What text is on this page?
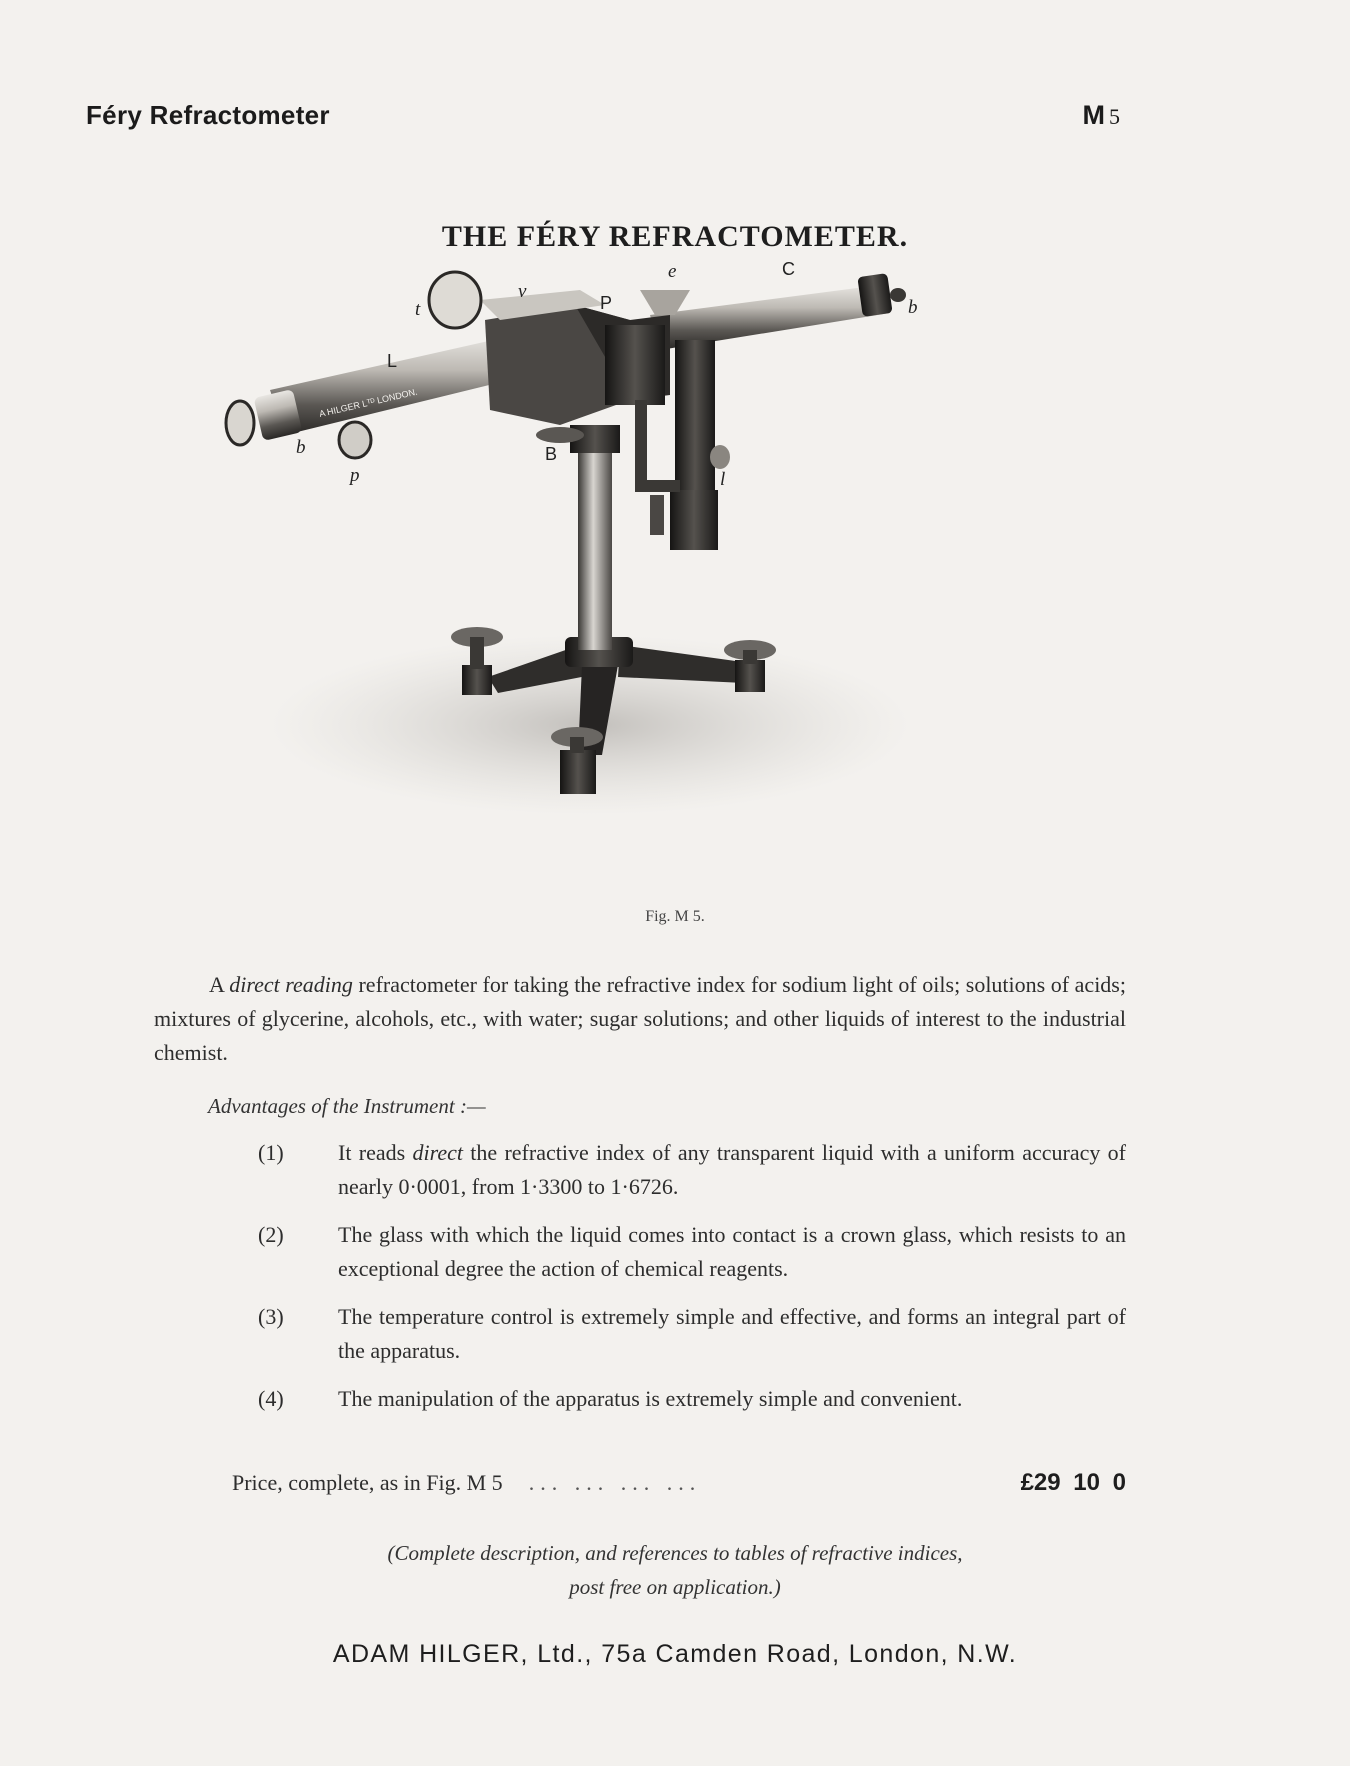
Féry Refractometer	M 5
THE FÉRY REFRACTOMETER.
A HILGER Lᵀᴰ LONDON.
C
e
P
v
t
L
b
b
p
B
l
Fig. M 5.

A direct reading refractometer for taking the refractive index for sodium light of oils; solutions of acids; mixtures of glycerine, alcohols, etc., with water; sugar solutions; and other liquids of interest to the industrial chemist.

Advantages of the Instrument :—
(1)	It reads direct the refractive index of any transparent liquid with a uniform accuracy of nearly 0·0001, from 1·3300 to 1·6726.
(2)	The glass with which the liquid comes into contact is a crown glass, which resists to an exceptional degree the action of chemical reagents.
(3)	The temperature control is extremely simple and effective, and forms an integral part of the apparatus.
(4)	The manipulation of the apparatus is extremely simple and convenient.
Price, complete, as in Fig. M 5	... ... ... ...	£29 10 0
(Complete description, and references to tables of refractive indices,
post free on application.)
ADAM HILGER, Ltd., 75a Camden Road, London, N.W.
